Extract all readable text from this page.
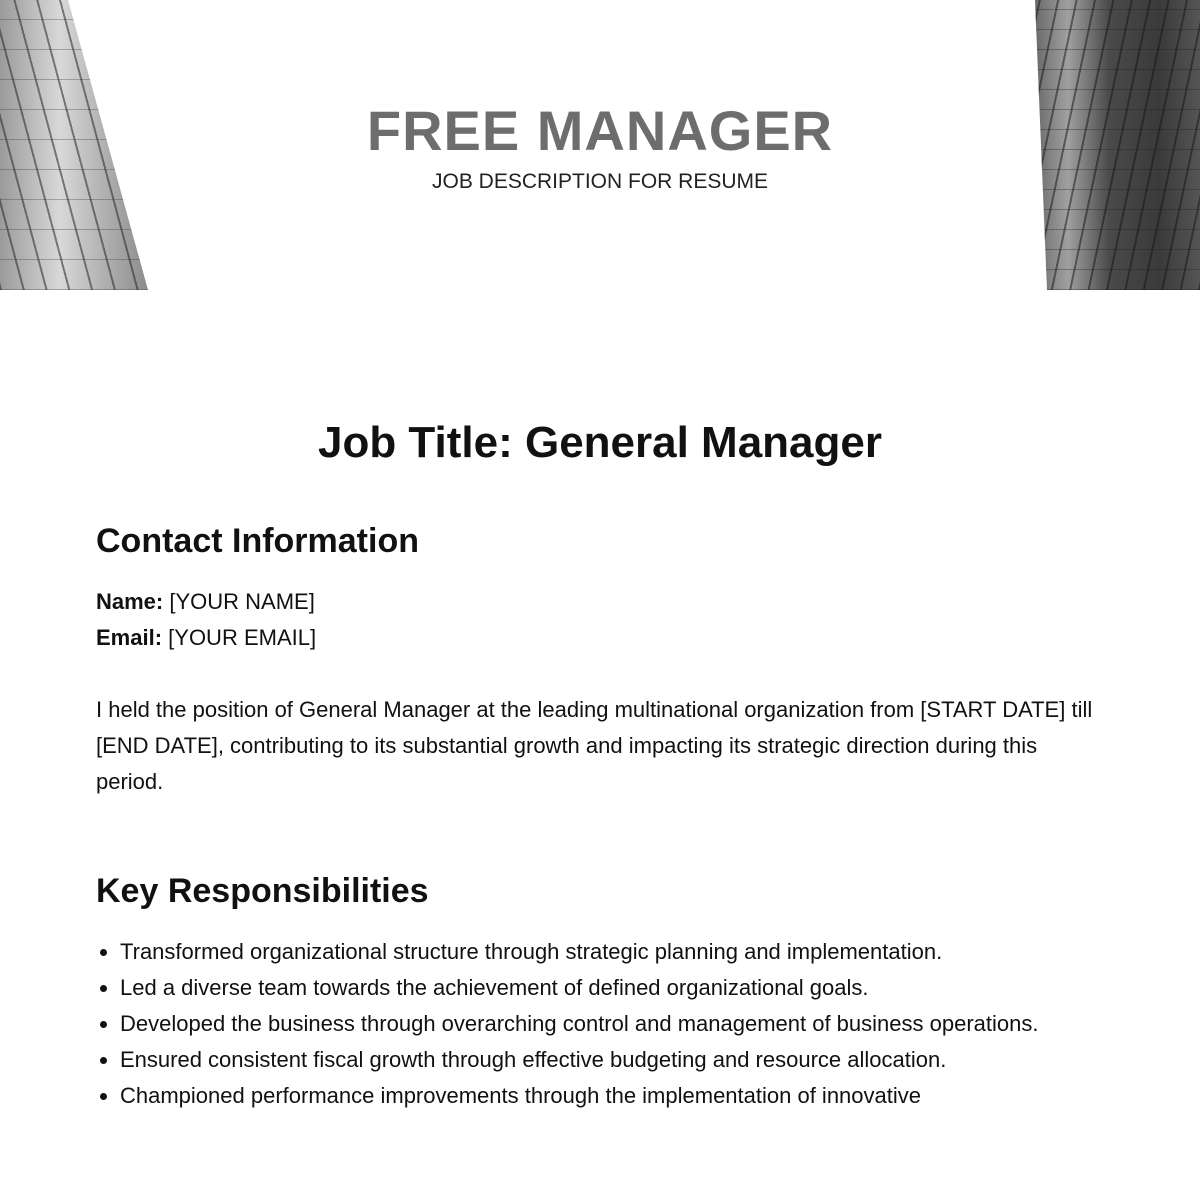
FREE MANAGER
JOB DESCRIPTION FOR RESUME
Job Title: General Manager
Contact Information
Name: [YOUR NAME]
Email: [YOUR EMAIL]

I held the position of General Manager at the leading multinational organization from [START DATE] till [END DATE], contributing to its substantial growth and impacting its strategic direction during this period.

Key Responsibilities
• Transformed organizational structure through strategic planning and implementation.
• Led a diverse team towards the achievement of defined organizational goals.
• Developed the business through overarching control and management of business operations.
• Ensured consistent fiscal growth through effective budgeting and resource allocation.
• Championed performance improvements through the implementation of innovative
